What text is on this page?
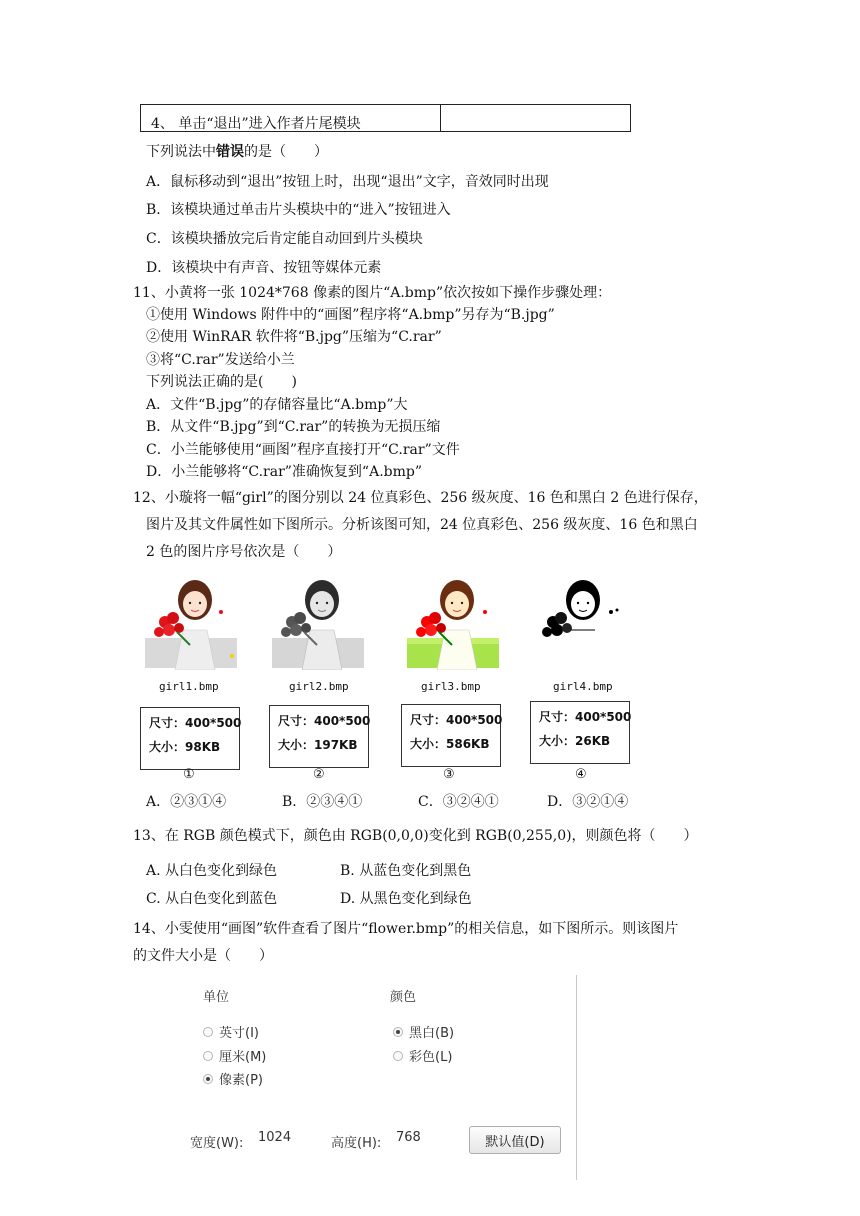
4、 单击“退出”进入作者片尾模块
下列说法中错误的是（　　）
A．鼠标移动到“退出”按钮上时，出现“退出”文字，音效同时出现
B．该模块通过单击片头模块中的“进入”按钮进入
C．该模块播放完后肯定能自动回到片头模块
D．该模块中有声音、按钮等媒体元素
11、小黄将一张 1024*768 像素的图片“A.bmp”依次按如下操作步骤处理：
①使用 Windows 附件中的“画图”程序将“A.bmp”另存为“B.jpg”
②使用 WinRAR 软件将“B.jpg”压缩为“C.rar”
③将“C.rar”发送给小兰
下列说法正确的是(　　)
A．文件“B.jpg”的存储容量比“A.bmp”大
B．从文件“B.jpg”到“C.rar”的转换为无损压缩
C．小兰能够使用“画图”程序直接打开“C.rar”文件
D．小兰能够将“C.rar”准确恢复到“A.bmp”
12、小璇将一幅“girl”的图分别以 24 位真彩色、256 级灰度、16 色和黑白 2 色进行保存，
图片及其文件属性如下图所示。分析该图可知，24 位真彩色、256 级灰度、16 色和黑白
2 色的图片序号依次是（　　）
girl1.bmp
尺寸：400*500
大小：98KB
①
girl2.bmp
尺寸：400*500
大小：197KB
②
girl3.bmp
尺寸：400*500
大小：586KB
③
girl4.bmp
尺寸：400*500
大小：26KB
④
A．②③①④	B．②③④①	C．③②④①	D．③②①④
13、在 RGB 颜色模式下，颜色由 RGB(0,0,0)变化到 RGB(0,255,0)，则颜色将（　　）
A. 从白色变化到绿色	B. 从蓝色变化到黑色
C. 从白色变化到蓝色	D. 从黑色变化到绿色
14、小雯使用“画图”软件查看了图片“flower.bmp”的相关信息，如下图所示。则该图片
的文件大小是（　　）
单位	颜色
英寸(I)
厘米(M)
像素(P)
黑白(B)
彩色(L)
宽度(W): 1024	高度(H): 768	默认值(D)
